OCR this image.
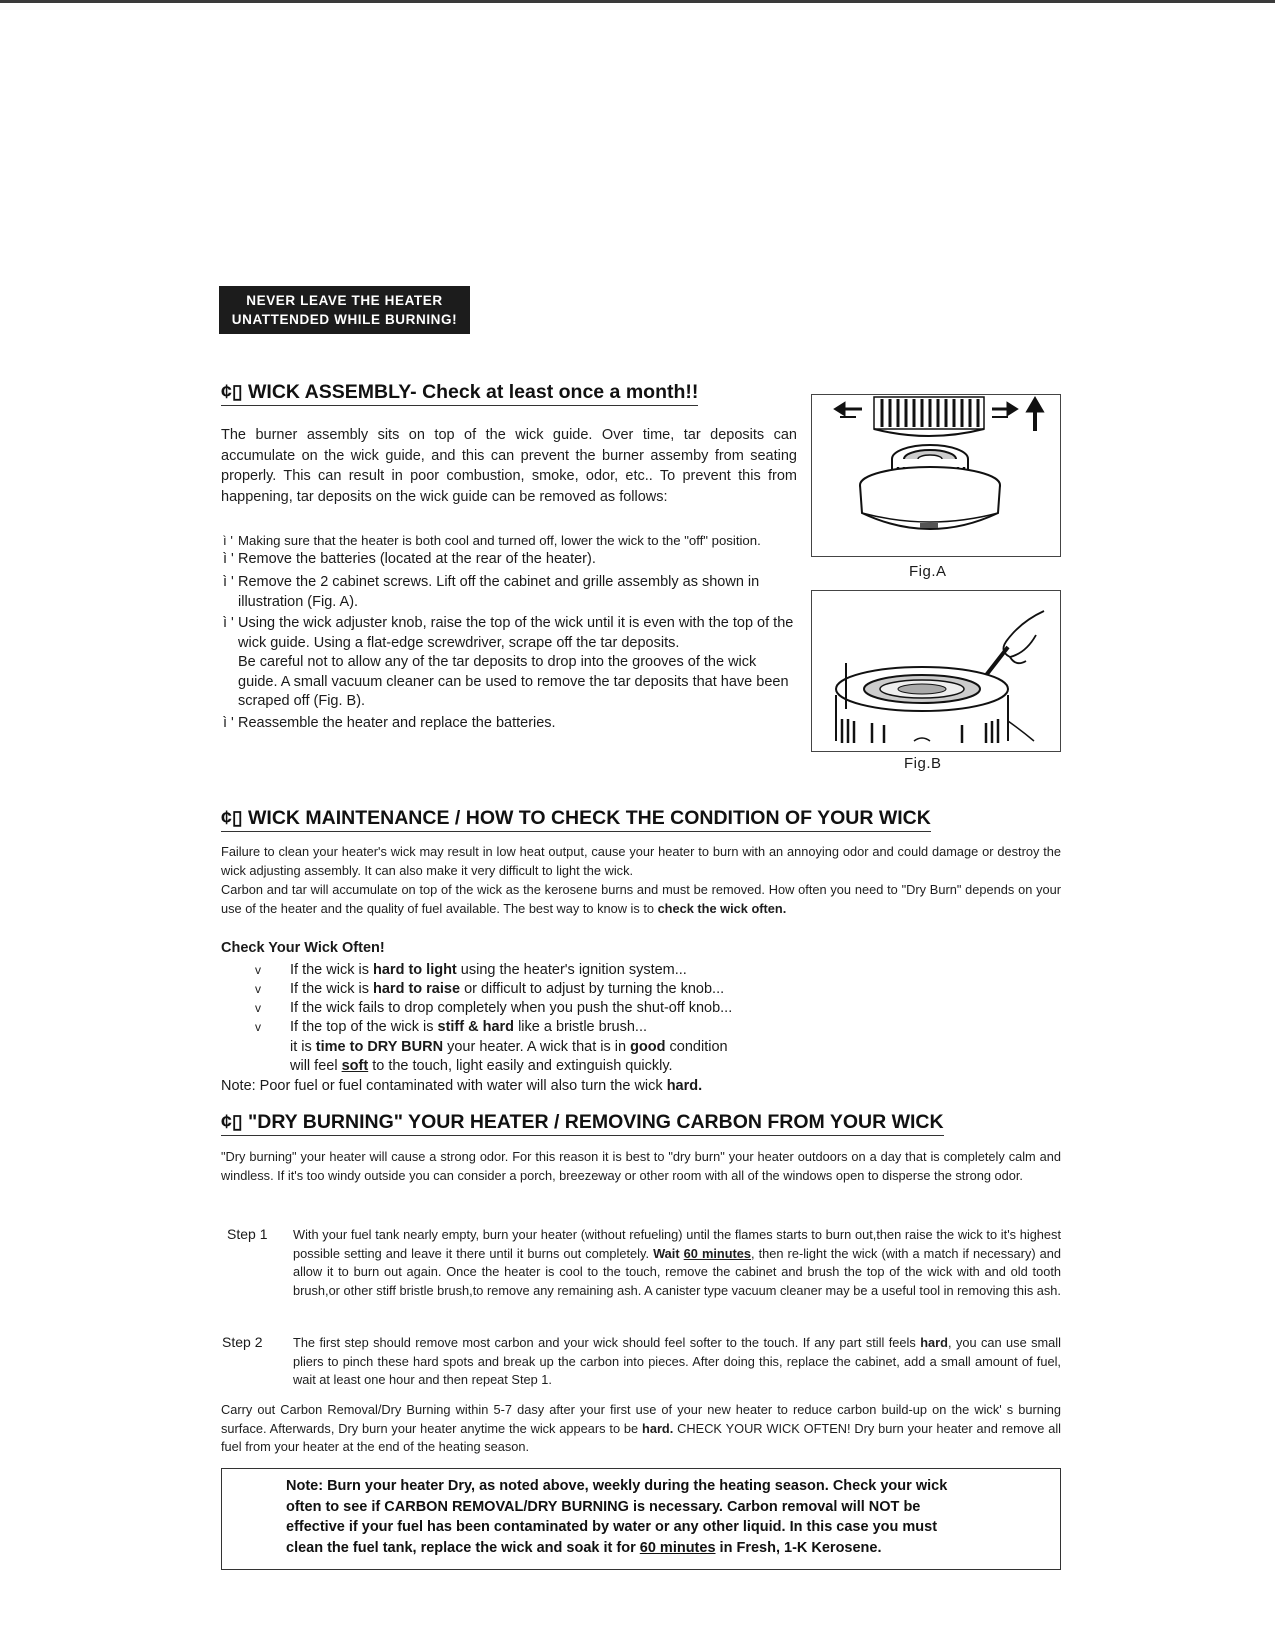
NEVER LEAVE THE HEATER
UNATTENDED WHILE BURNING!
¢▯ WICK ASSEMBLY- Check at least once a month!!
The burner assembly sits on top of the wick guide. Over time, tar deposits can accumulate on the wick guide, and this can prevent the burner assemby from seating properly. This can result in poor combustion, smoke, odor, etc.. To prevent this from happening, tar deposits on the wick guide can be removed as follows:
ì ' Making sure that the heater is both cool and turned off, lower the wick to the "off" position.
ì ' Remove the batteries (located at the rear of the heater).
ì ' Remove the 2 cabinet screws. Lift off the cabinet and grille assembly as shown in illustration (Fig. A).
ì ' Using the wick adjuster knob, raise the top of the wick until it is even with the top of the wick guide. Using a flat-edge screwdriver, scrape off the tar deposits.
Be careful not to allow any of the tar deposits to drop into the grooves of the wick guide. A small vacuum cleaner can be used to remove the tar deposits that have been scraped off (Fig. B).
ì ' Reassemble the heater and replace the batteries.
Fig.A
Fig.B
¢▯ WICK MAINTENANCE / HOW TO CHECK THE CONDITION OF YOUR WICK
Failure to clean your heater's wick may result in low heat output, cause your heater to burn with an annoying odor and could damage or destroy the wick adjusting assembly. It can also make it very difficult to light the wick.
Carbon and tar will accumulate on top of the wick as the kerosene burns and must be removed. How often you need to "Dry Burn" depends on your use of the heater and the quality of fuel available. The best way to know is to check the wick often.
Check Your Wick Often!
v If the wick is hard to light using the heater's ignition system...
v If the wick is hard to raise or difficult to adjust by turning the knob...
v If the wick fails to drop completely when you push the shut-off knob...
v If the top of the wick is stiff & hard like a bristle brush...
it is time to DRY BURN your heater. A wick that is in good condition
will feel soft to the touch, light easily and extinguish quickly.
Note: Poor fuel or fuel contaminated with water will also turn the wick hard.
¢▯ "DRY BURNING" YOUR HEATER / REMOVING CARBON FROM YOUR WICK
"Dry burning" your heater will cause a strong odor. For this reason it is best to "dry burn" your heater outdoors on a day that is completely calm and windless. If it's too windy outside you can consider a porch, breezeway or other room with all of the windows open to disperse the strong odor.
Step 1 With your fuel tank nearly empty, burn your heater (without refueling) until the flames starts to burn out,then raise the wick to it's highest possible setting and leave it there until it burns out completely. Wait 60 minutes, then re-light the wick (with a match if necessary) and allow it to burn out again. Once the heater is cool to the touch, remove the cabinet and brush the top of the wick with and old tooth brush,or other stiff bristle brush,to remove any remaining ash. A canister type vacuum cleaner may be a useful tool in removing this ash.
Step 2 The first step should remove most carbon and your wick should feel softer to the touch. If any part still feels hard, you can use small pliers to pinch these hard spots and break up the carbon into pieces. After doing this, replace the cabinet, add a small amount of fuel, wait at least one hour and then repeat Step 1.
Carry out Carbon Removal/Dry Burning within 5-7 dasy after your first use of your new heater to reduce carbon build-up on the wick' s burning surface. Afterwards, Dry burn your heater anytime the wick appears to be hard. CHECK YOUR WICK OFTEN! Dry burn your heater and remove all fuel from your heater at the end of the heating season.
Note: Burn your heater Dry, as noted above, weekly during the heating season. Check your wick often to see if CARBON REMOVAL/DRY BURNING is necessary. Carbon removal will NOT be effective if your fuel has been contaminated by water or any other liquid. In this case you must clean the fuel tank, replace the wick and soak it for 60 minutes in Fresh, 1-K Kerosene.
